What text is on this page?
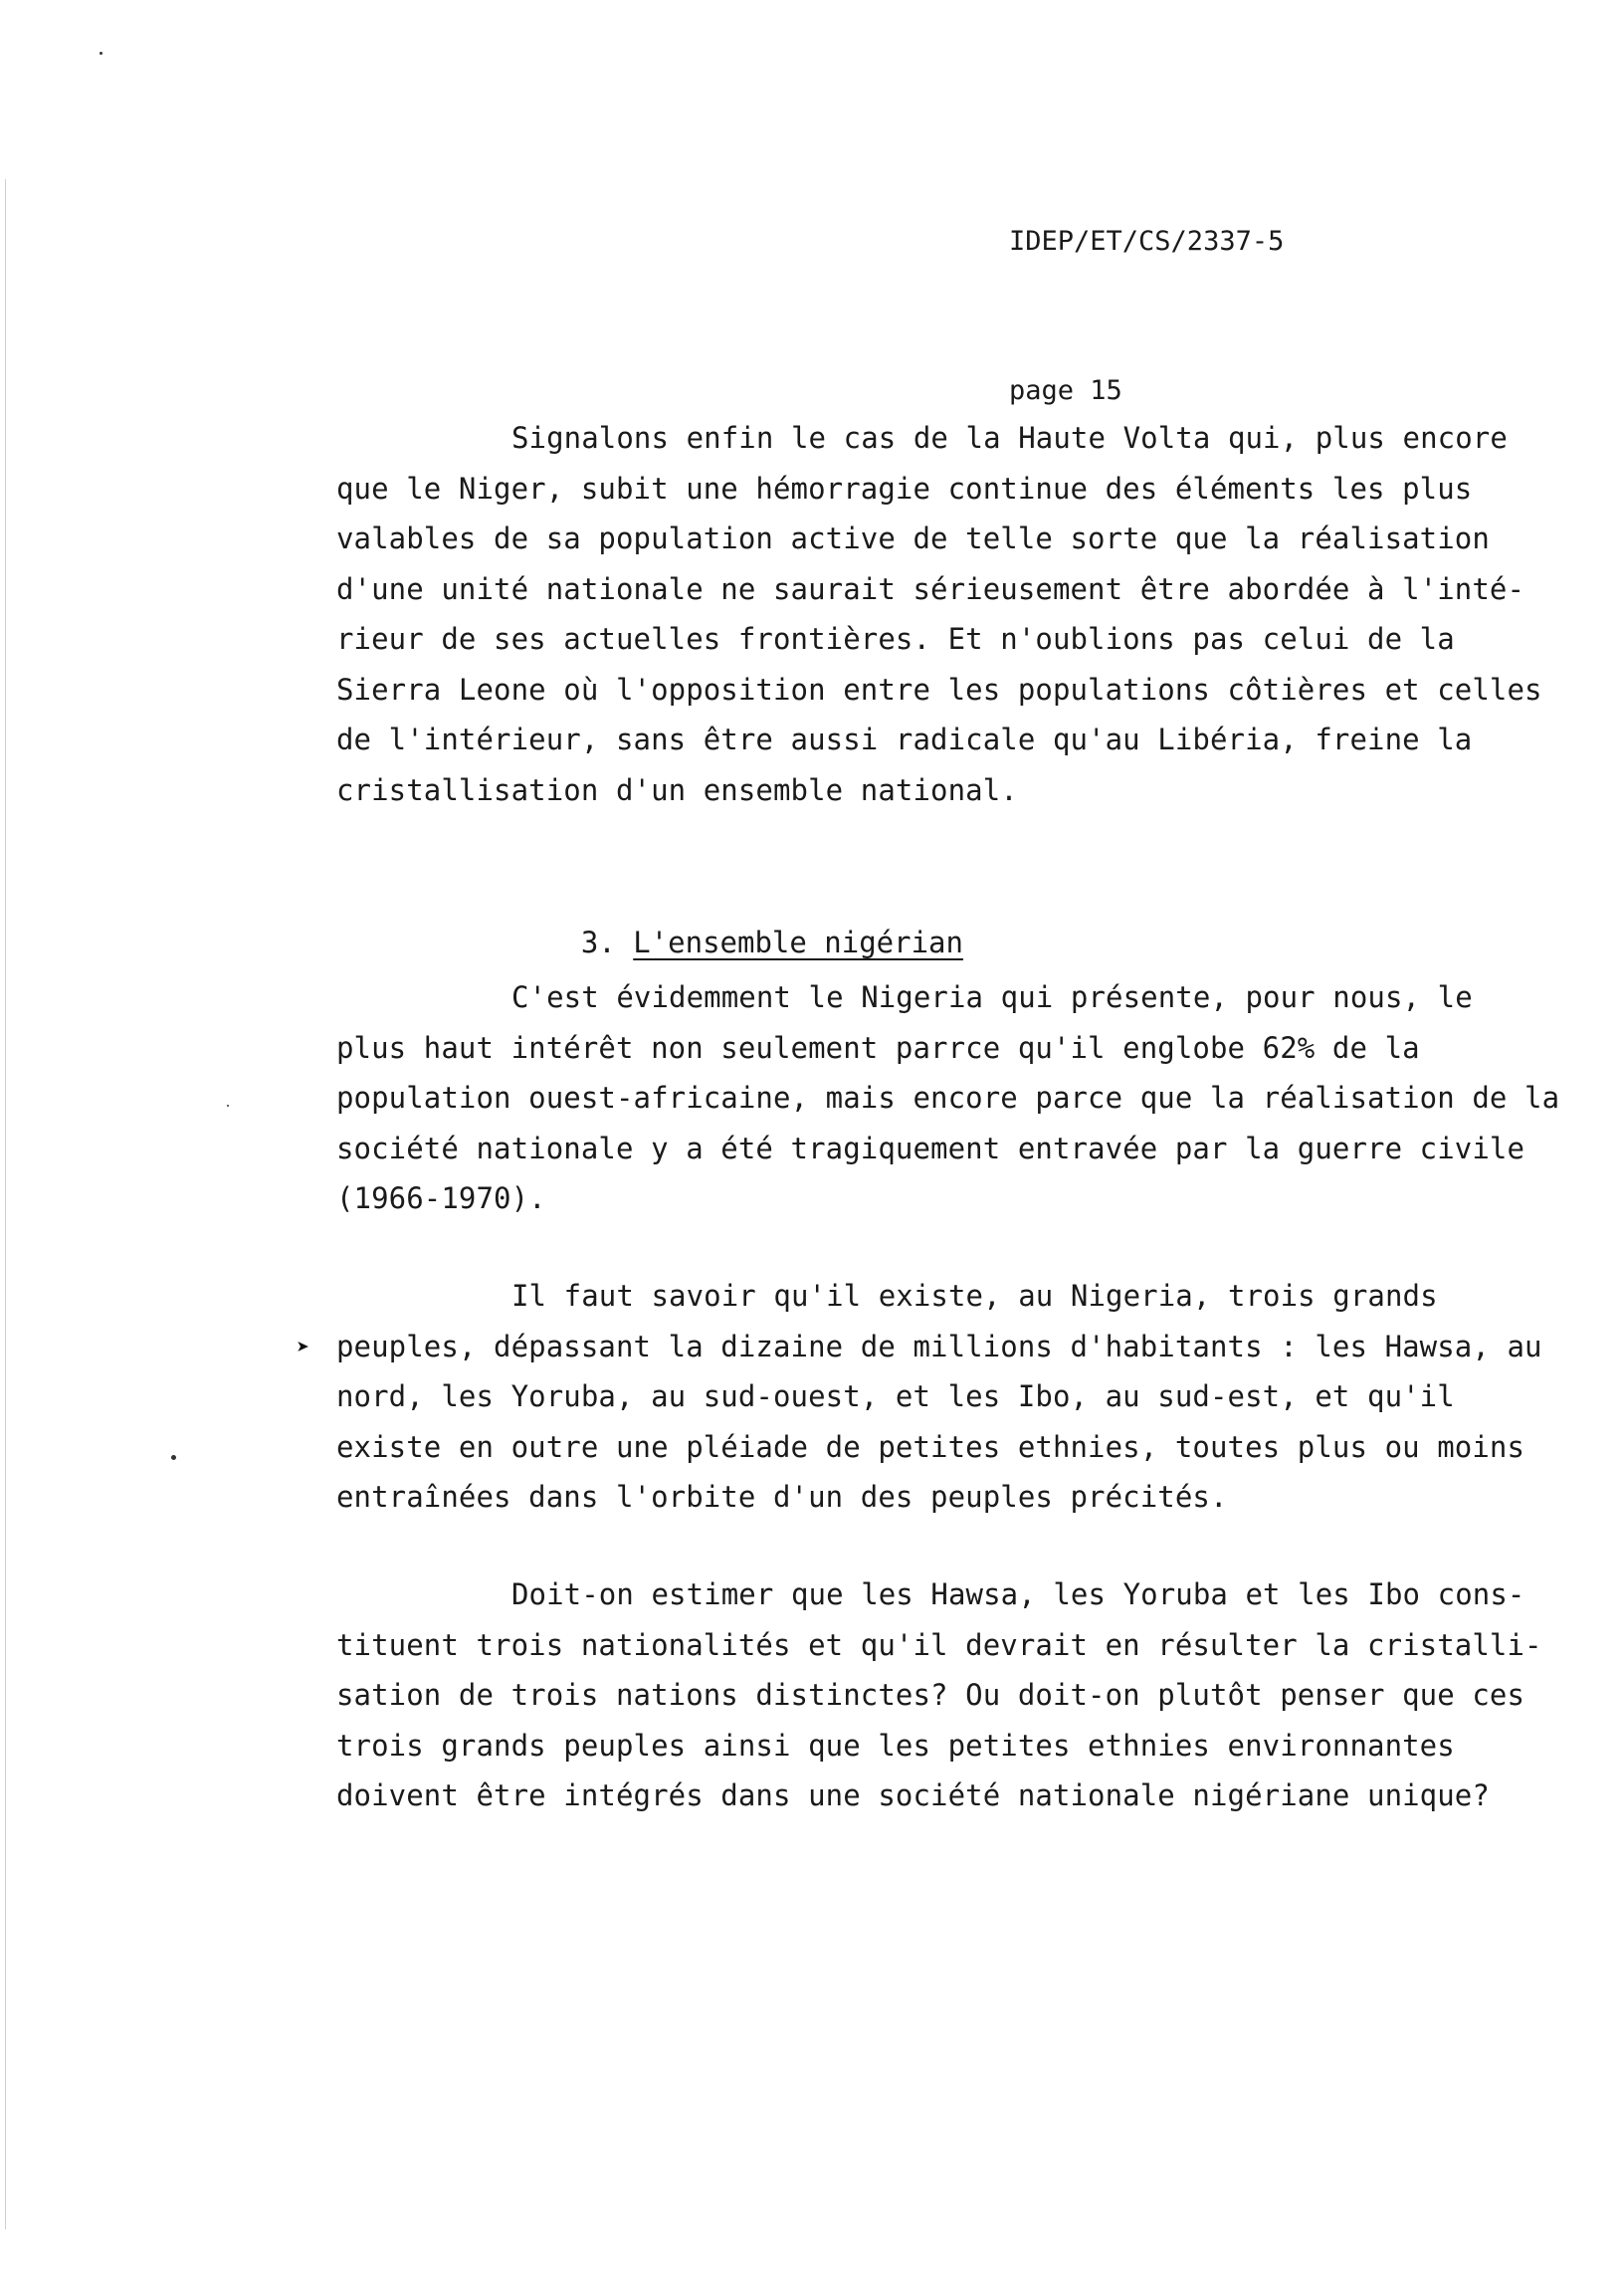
IDEP/ET/CS/2337-5

page 15

Signalons enfin le cas de la Haute Volta qui, plus encore
que le Niger, subit une hémorragie continue des éléments les plus
valables de sa population active de telle sorte que la réalisation
d'une unité nationale ne saurait sérieusement être abordée à l'inté-
rieur de ses actuelles frontières. Et n'oublions pas celui de la
Sierra Leone où l'opposition entre les populations côtières et celles
de l'intérieur, sans être aussi radicale qu'au Libéria, freine la
cristallisation d'un ensemble national.

3. L'ensemble nigérian

C'est évidemment le Nigeria qui présente, pour nous, le
plus haut intérêt non seulement parrce qu'il englobe 62% de la
population ouest-africaine, mais encore parce que la réalisation de la
société nationale y a été tragiquement entravée par la guerre civile
(1966-1970).
➤
Il faut savoir qu'il existe, au Nigeria, trois grands
peuples, dépassant la dizaine de millions d'habitants : les Hawsa, au
nord, les Yoruba, au sud-ouest, et les Ibo, au sud-est, et qu'il
existe en outre une pléiade de petites ethnies, toutes plus ou moins
entraînées dans l'orbite d'un des peuples précités.
Doit-on estimer que les Hawsa, les Yoruba et les Ibo cons-
tituent trois nationalités et qu'il devrait en résulter la cristalli-
sation de trois nations distinctes? Ou doit-on plutôt penser que ces
trois grands peuples ainsi que les petites ethnies environnantes
doivent être intégrés dans une société nationale nigériane unique?
